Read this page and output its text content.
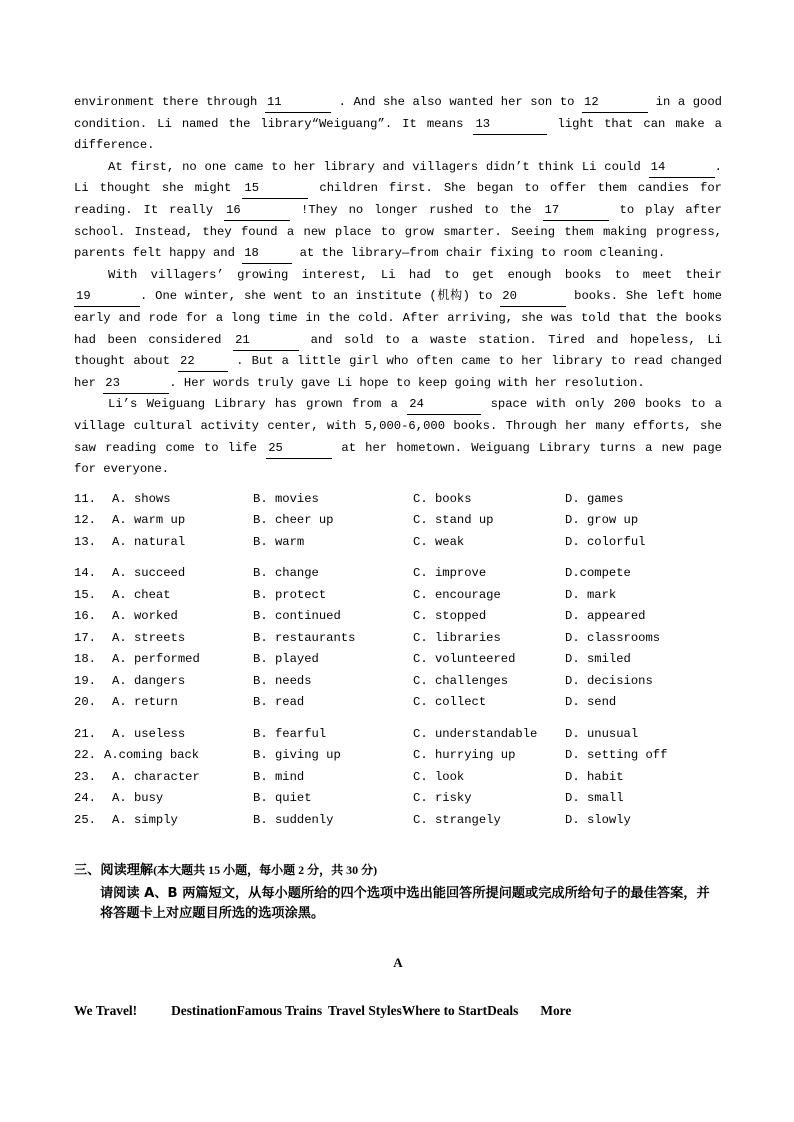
environment there through 11	. And she also wanted her son to 12	in a good condition. Li named the library“Weiguang”. It means 13	light that can make a difference.

At first, no one came to her library and villagers didn’t think Li could 14	. Li thought she might 15	children first. She began to offer them candies for reading. It really 16	!They no longer rushed to the 17	to play after school. Instead, they found a new place to grow smarter. Seeing them making progress, parents felt happy and 18	at the library—from chair fixing to room cleaning.

With villagers’ growing interest, Li had to get enough books to meet their 19	. One winter, she went to an institute (机构) to 20	books. She left home early and rode for a long time in the cold. After arriving, she was told that the books had been considered 21	and sold to a waste station. Tired and hopeless, Li thought about 22	. But a little girl who often came to her library to read changed her 23	. Her words truly gave Li hope to keep going with her resolution.

Li’s Weiguang Library has grown from a 24	space with only 200 books to a village cultural activity center, with 5,000-6,000 books. Through her many efforts, she saw reading come to life 25	at her hometown. Weiguang Library turns a new page for everyone.

11.	A. shows	B. movies	C. books	D. games
12.	A. warm up	B. cheer up	C. stand up	D. grow up
13.	A. natural	B. warm	C. weak	D. colorful
14.	A. succeed	B. change	C. improve	D.compete
15.	A. cheat	B. protect	C. encourage	D. mark
16.	A. worked	B. continued	C. stopped	D. appeared
17.	A. streets	B. restaurants	C. libraries	D. classrooms
18.	A. performed	B. played	C. volunteered	D. smiled
19.	A. dangers	B. needs	C. challenges	D. decisions
20.	A. return	B. read	C. collect	D. send
21.	A. useless	B. fearful	C. understandable	D. unusual
22. A.coming back	B. giving up	C. hurrying up	D. setting off
23.	A. character	B. mind	C. look	D. habit
24.	A. busy	B. quiet	C. risky	D. small
25.	A. simply	B. suddenly	C. strangely	D. slowly

三、阅读理解(本大题共 15 小题，每小题 2 分，共 30 分)

请阅读 A、B 两篇短文，从每小题所给的四个选项中选出能回答所提问题或完成所给句子的最佳答案，并将答题卡上对应题目所选的选项涂黑。

A
We Travel!	Destination Famous Trains Travel Styles Where to Start Deals More
